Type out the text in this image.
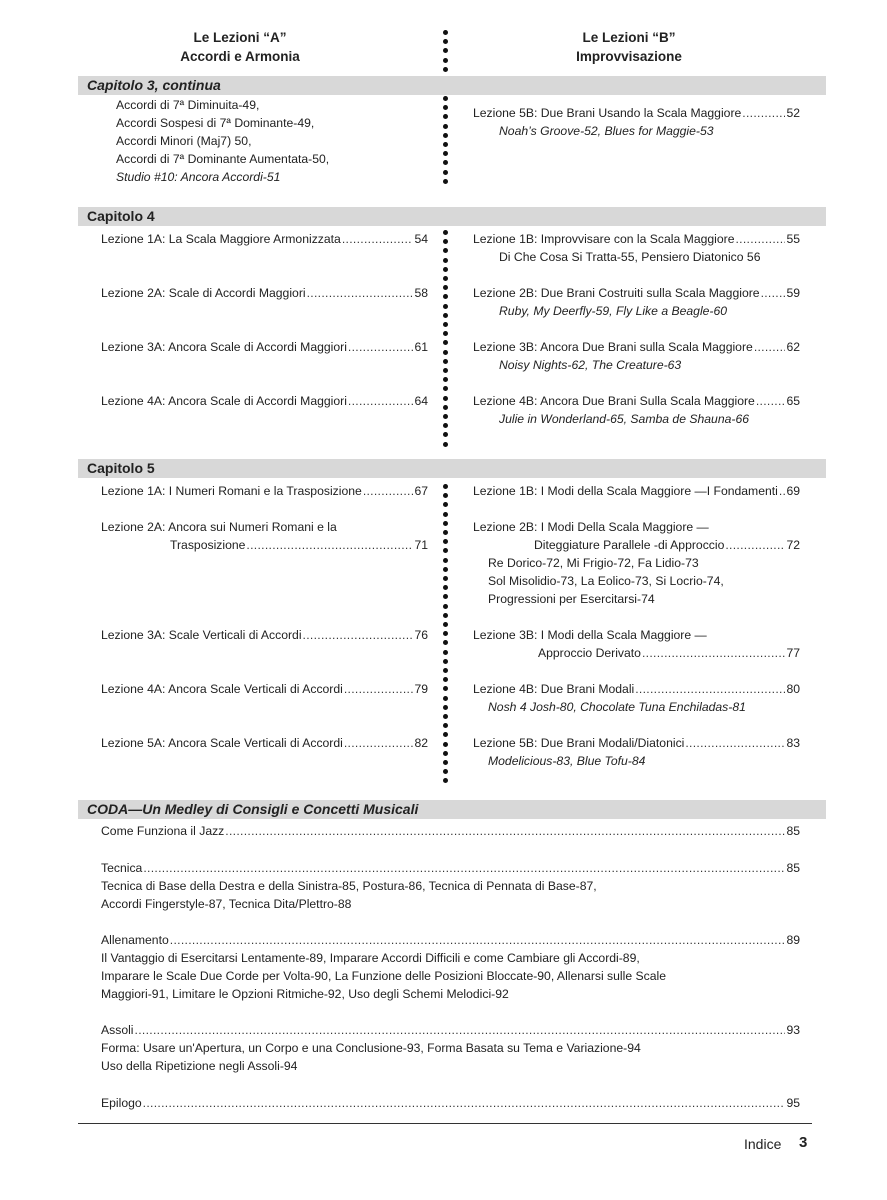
Le Lezioni “A”
Accordi e Armonia
Le Lezioni “B”
Improvvisazione
Capitolo 3, continua
Accordi di 7ª Diminuita-49,
Accordi Sospesi di 7ª Dominante-49,
Accordi Minori (Maj7) 50,
Accordi di 7ª Dominante Aumentata-50,
Studio #10: Ancora Accordi-51
Lezione 5B: Due Brani Usando la Scala Maggiore .....	52
Noah’s Groove-52, Blues for Maggie-53
Capitolo 4
Lezione 1A: La Scala Maggiore Armonizzata .....	54
Lezione 2A: Scale di Accordi Maggiori .....	58
Lezione 3A: Ancora Scale di Accordi Maggiori .....	61
Lezione 4A: Ancora Scale di Accordi Maggiori .....	64
Lezione 1B: Improvvisare con la Scala Maggiore .....	55
Di Che Cosa Si Tratta-55, Pensiero Diatonico 56
Lezione 2B: Due Brani Costruiti sulla Scala Maggiore ..... 59
Ruby, My Deerfly-59, Fly Like a Beagle-60
Lezione 3B: Ancora Due Brani sulla Scala Maggiore .....	62
Noisy Nights-62, The Creature-63
Lezione 4B: Ancora Due Brani Sulla Scala Maggiore .....	65
Julie in Wonderland-65, Samba de Shauna-66
Capitolo 5
Lezione 1A: I Numeri Romani e la Trasposizione .....	67
Lezione 2A: Ancora sui Numeri Romani e la
Trasposizione .....	71
Lezione 3A: Scale Verticali di Accordi .....	76
Lezione 4A: Ancora Scale Verticali di Accordi .....	79
Lezione 5A: Ancora Scale Verticali di Accordi .....	82
Lezione 1B: I Modi della Scala Maggiore —I Fondamenti ..... 69
Lezione 2B: I Modi Della Scala Maggiore —
Diteggiature Parallele -di Approccio .....	72
Re Dorico-72, Mi Frigio-72, Fa Lidio-73
Sol Misolidio-73, La Eolico-73, Si Locrio-74,
Progressioni per Esercitarsi-74
Lezione 3B: I Modi della Scala Maggiore —
Approccio Derivato .....	77
Lezione 4B: Due Brani Modali .....	80
Nosh 4 Josh-80, Chocolate Tuna Enchiladas-81
Lezione 5B: Due Brani Modali/Diatonici .....	83
Modelicious-83, Blue Tofu-84
CODA—Un Medley di Consigli e Concetti Musicali
Come Funziona il Jazz .....	85
Tecnica .....	85
Tecnica di Base della Destra e della Sinistra-85, Postura-86, Tecnica di Pennata di Base-87,
Accordi Fingerstyle-87, Tecnica Dita/Plettro-88
Allenamento .....	89
Il Vantaggio di Esercitarsi Lentamente-89, Imparare Accordi Difficili e come Cambiare gli Accordi-89,
Imparare le Scale Due Corde per Volta-90, La Funzione delle Posizioni Bloccate-90, Allenarsi sulle Scale
Maggiori-91, Limitare le Opzioni Ritmiche-92, Uso degli Schemi Melodici-92
Assoli .....	93
Forma: Usare un'Apertura, un Corpo e una Conclusione-93, Forma Basata su Tema e Variazione-94
Uso della Ripetizione negli Assoli-94
Epilogo .....	95
Indice 3
